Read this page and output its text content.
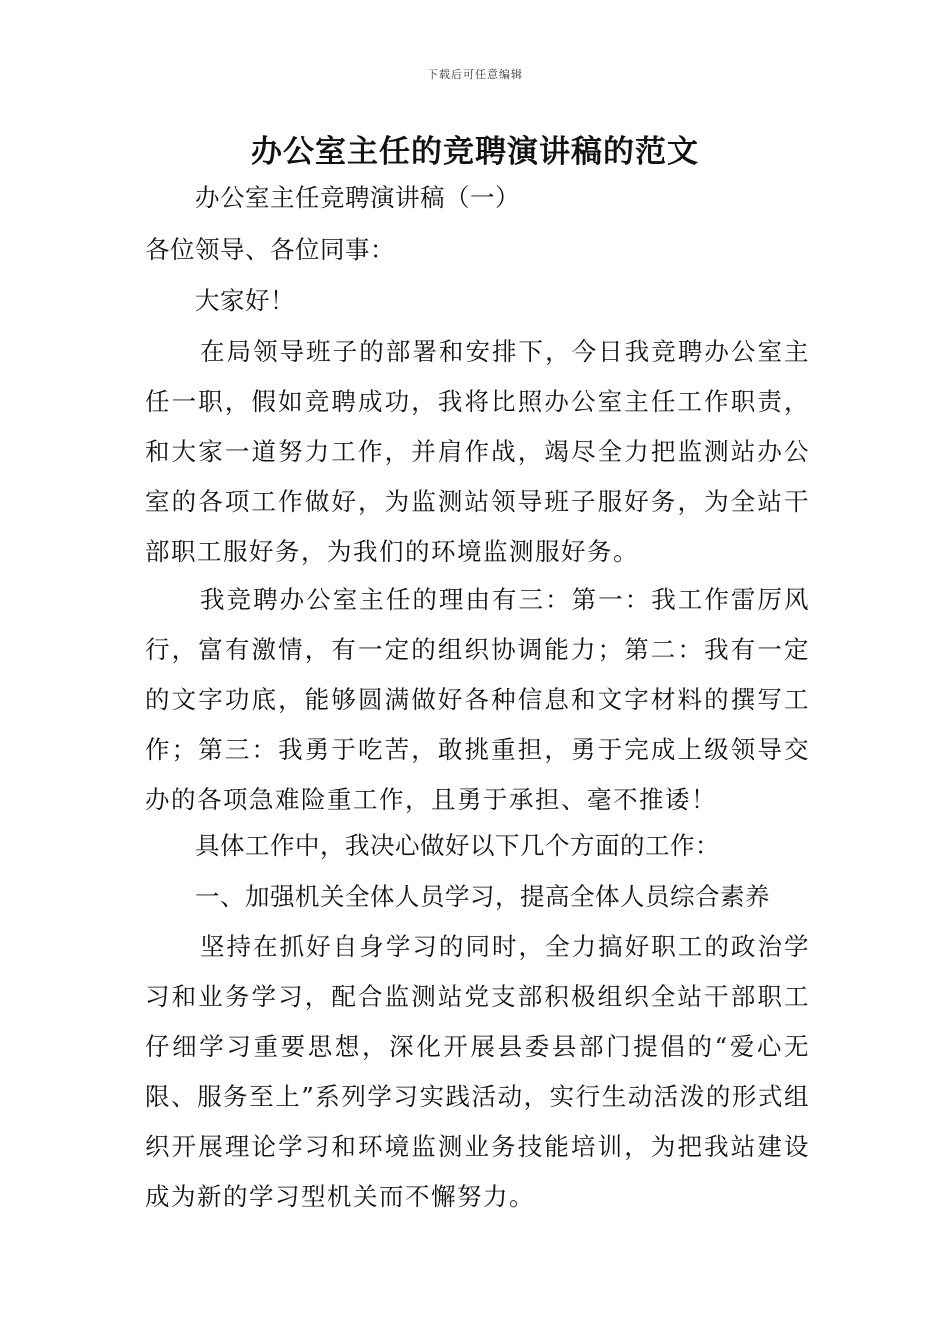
下载后可任意编辑
办公室主任的竞聘演讲稿的范文
办公室主任竞聘演讲稿（一）
各位领导、各位同事：
大家好！

在局领导班子的部署和安排下，今日我竞聘办公室主任一职，假如竞聘成功，我将比照办公室主任工作职责，和大家一道努力工作，并肩作战，竭尽全力把监测站办公室的各项工作做好，为监测站领导班子服好务，为全站干部职工服好务，为我们的环境监测服好务。

我竞聘办公室主任的理由有三：第一：我工作雷厉风行，富有激情，有一定的组织协调能力；第二：我有一定的文字功底，能够圆满做好各种信息和文字材料的撰写工作；第三：我勇于吃苦，敢挑重担，勇于完成上级领导交办的各项急难险重工作，且勇于承担、毫不推诿！

具体工作中，我决心做好以下几个方面的工作：
一、加强机关全体人员学习，提高全体人员综合素养

坚持在抓好自身学习的同时，全力搞好职工的政治学习和业务学习，配合监测站党支部积极组织全站干部职工仔细学习重要思想，深化开展县委县部门提倡的“爱心无限、服务至上”系列学习实践活动，实行生动活泼的形式组织开展理论学习和环境监测业务技能培训，为把我站建设成为新的学习型机关而不懈努力。
